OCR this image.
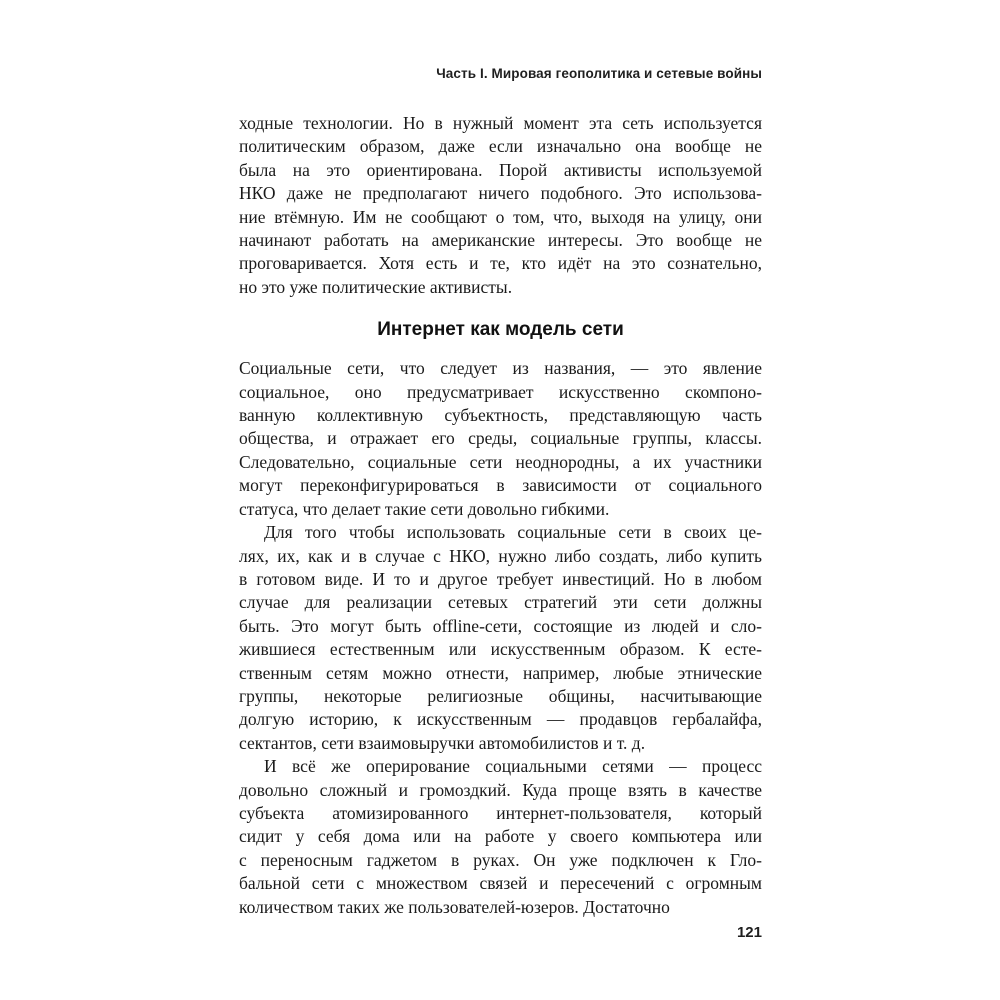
Часть I. Мировая геополитика и сетевые войны
ходные технологии. Но в нужный момент эта сеть используется
политическим образом, даже если изначально она вообще не
была на это ориентирована. Порой активисты используемой
НКО даже не предполагают ничего подобного. Это использова-
ние втёмную. Им не сообщают о том, что, выходя на улицу, они
начинают работать на американские интересы. Это вообще не
проговаривается. Хотя есть и те, кто идёт на это сознательно,
но это уже политические активисты.
Интернет как модель сети
Социальные сети, что следует из названия, — это явление
социальное, оно предусматривает искусственно скомпоно-
ванную коллективную субъектность, представляющую часть
общества, и отражает его среды, социальные группы, классы.
Следовательно, социальные сети неоднородны, а их участники
могут переконфигурироваться в зависимости от социального
статуса, что делает такие сети довольно гибкими.
Для того чтобы использовать социальные сети в своих це-
лях, их, как и в случае с НКО, нужно либо создать, либо купить
в готовом виде. И то и другое требует инвестиций. Но в любом
случае для реализации сетевых стратегий эти сети должны
быть. Это могут быть offline-сети, состоящие из людей и сло-
жившиеся естественным или искусственным образом. К есте-
ственным сетям можно отнести, например, любые этнические
группы, некоторые религиозные общины, насчитывающие
долгую историю, к искусственным — продавцов гербалайфа,
сектантов, сети взаимовыручки автомобилистов и т. д.
И всё же оперирование социальными сетями — процесс
довольно сложный и громоздкий. Куда проще взять в качестве
субъекта атомизированного интернет-пользователя, который
сидит у себя дома или на работе у своего компьютера или
с переносным гаджетом в руках. Он уже подключен к Гло-
бальной сети с множеством связей и пересечений с огромным
количеством таких же пользователей-юзеров. Достаточно
121
